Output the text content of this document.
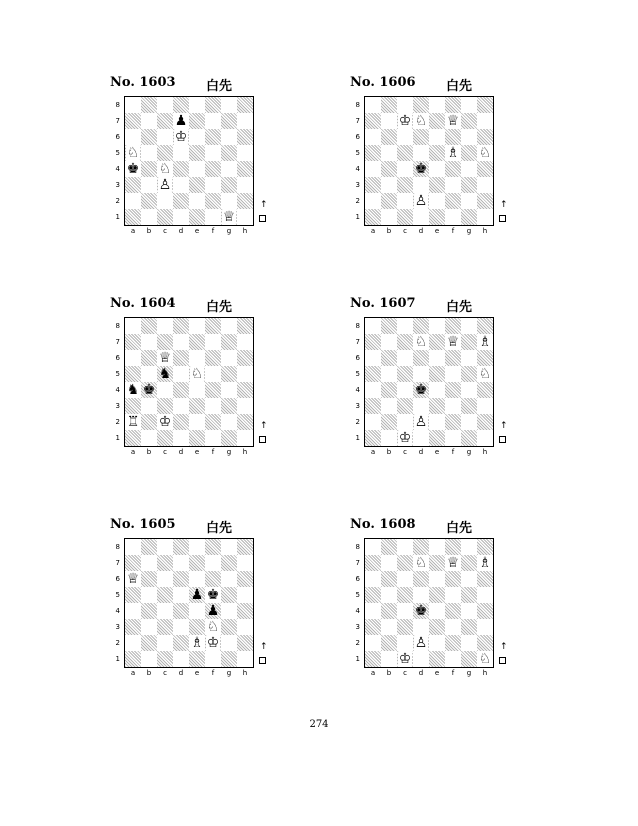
No. 1603 白先
♟
♔
♘
♚ ♘
♙
♕
8
7
6
5
4
3
2
1
a	b	c	d	e	f	g	h
↑
No. 1606 白先
♔ ♘ ♕
♗ ♘
♚
♙
8
7
6
5
4
3
2
1
a	b	c	d	e	f	g	h
↑
No. 1604 白先
♕
♞ ♘
♞ ♚
♖ ♔
8
7
6
5
4
3
2
1
a	b	c	d	e	f	g	h
↑
No. 1607 白先
♘ ♕ ♗
♘
♚
♙
♔
8
7
6
5
4
3
2
1
a	b	c	d	e	f	g	h
↑
No. 1605 白先
♕
♟ ♚
♟
♘
♗ ♔
8
7
6
5
4
3
2
1
a	b	c	d	e	f	g	h
↑
No. 1608 白先
♘ ♕ ♗
♚
♙
♔	♘
8
7
6
5
4
3
2
1
a	b	c	d	e	f	g	h
↑
274
